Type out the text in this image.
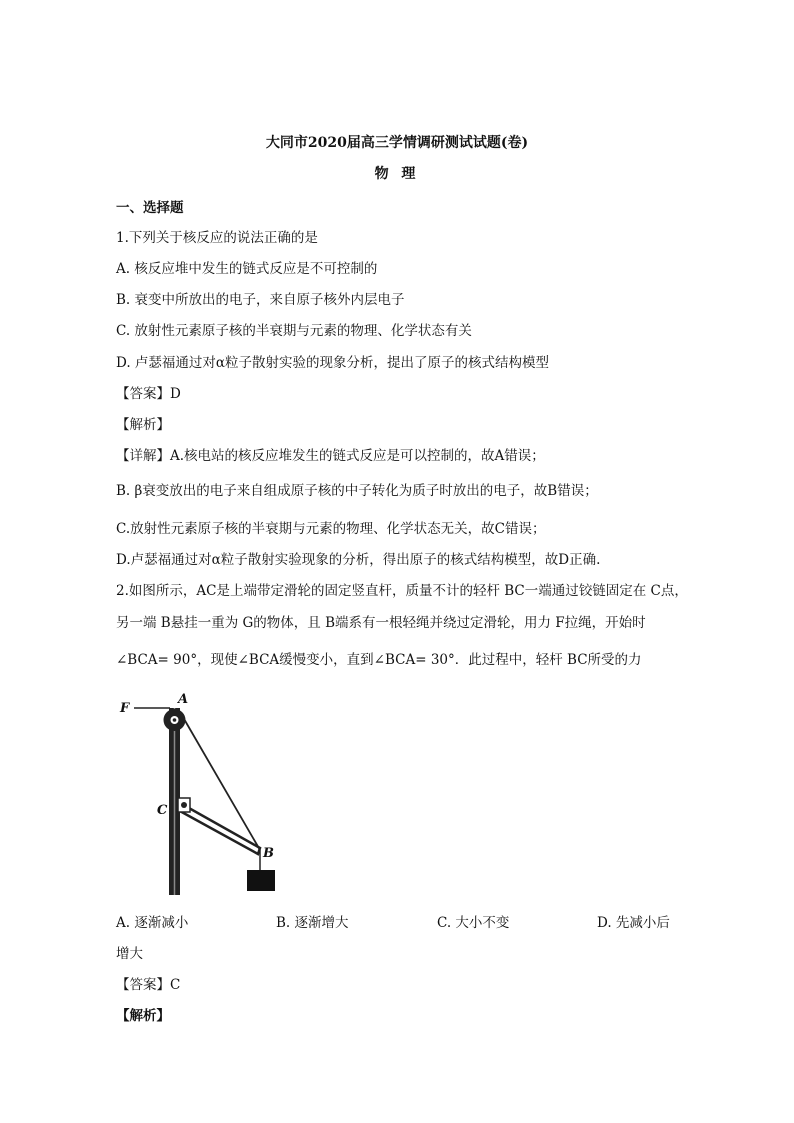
大同市2020届高三学情调研测试试题(卷)
物 理
一、选择题
1.下列关于核反应的说法正确的是
A. 核反应堆中发生的链式反应是不可控制的
B. 衰变中所放出的电子，来自原子核外内层电子
C. 放射性元素原子核的半衰期与元素的物理、化学状态有关
D. 卢瑟福通过对α粒子散射实验的现象分析，提出了原子的核式结构模型
【答案】D
【解析】
【详解】A.核电站的核反应堆发生的链式反应是可以控制的，故A错误；
B. β衰变放出的电子来自组成原子核的中子转化为质子时放出的电子，故B错误；
C.放射性元素原子核的半衰期与元素的物理、化学状态无关，故C错误；
D.卢瑟福通过对α粒子散射实验现象的分析，得出原子的核式结构模型，故D正确.
2.如图所示，AC是上端带定滑轮的固定竖直杆，质量不计的轻杆 BC一端通过铰链固定在 C点，
另一端 B悬挂一重为 G的物体，且 B端系有一根轻绳并绕过定滑轮，用力 F拉绳，开始时
∠BCA= 90°，现使∠BCA缓慢变小，直到∠BCA= 30°．此过程中，轻杆 BC所受的力
F
A
C
B
A. 逐渐减小	B. 逐渐增大	C. 大小不变	D. 先减小后
增大
【答案】C
【解析】
